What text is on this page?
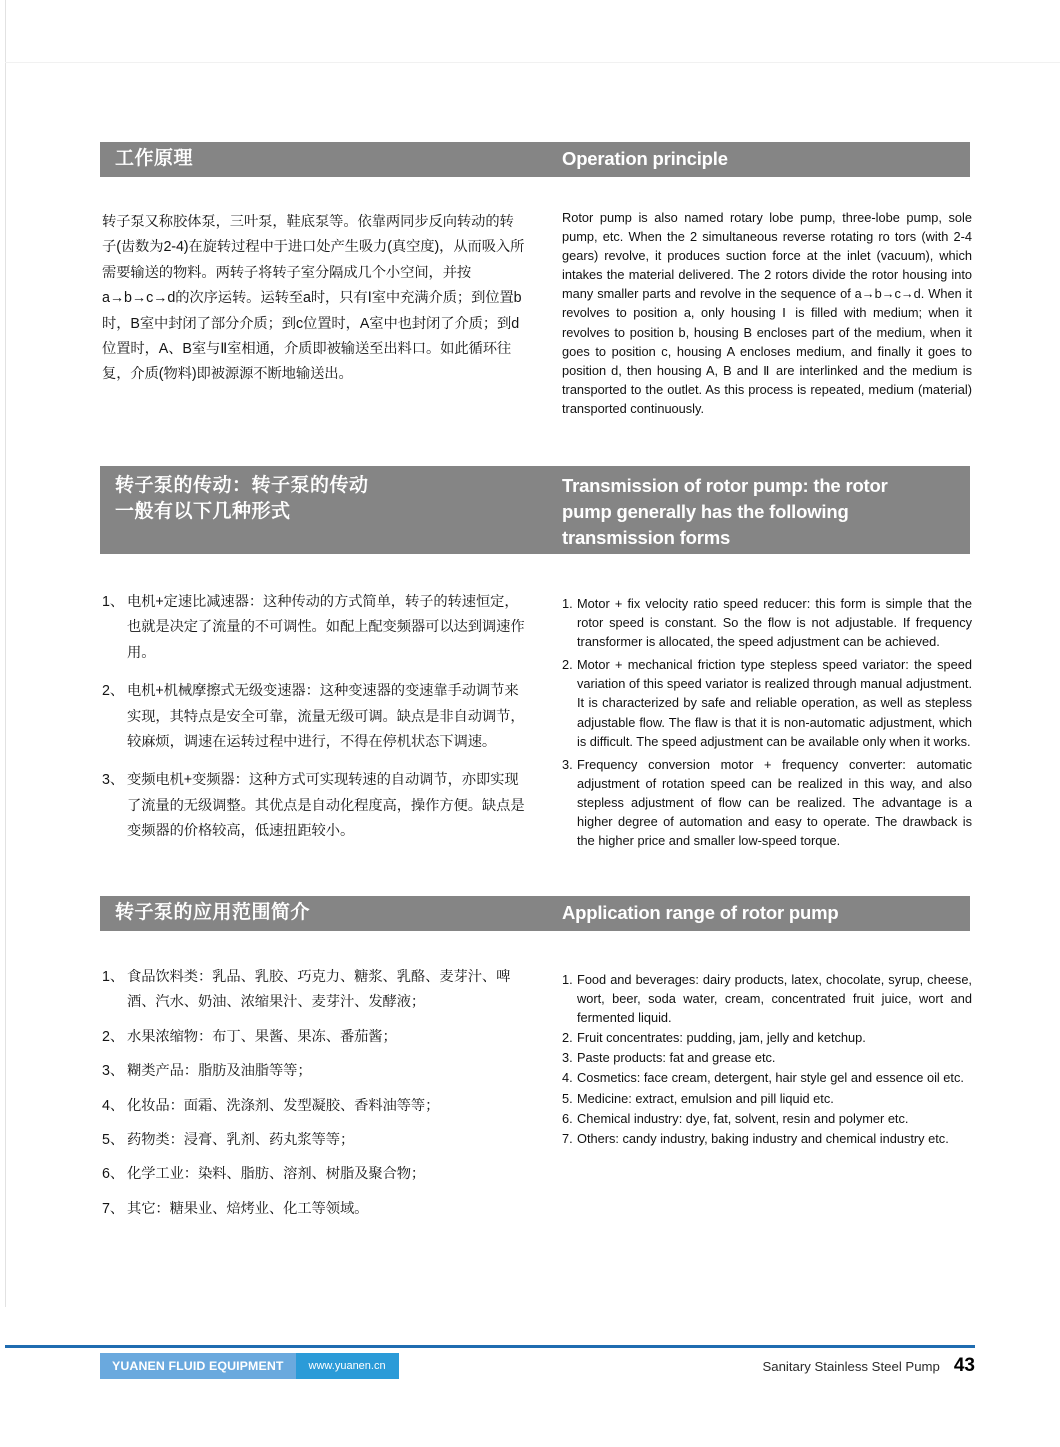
工作原理	Operation principle

转子泵又称胶体泵，三叶泵，鞋底泵等。依靠两同步反向转动的转子(齿数为2-4)在旋转过程中于进口处产生吸力(真空度)，从而吸入所需要输送的物料。两转子将转子室分隔成几个小空间，并按a→b→c→d的次序运转。运转至a时，只有Ⅰ室中充满介质；到位置b时，B室中封闭了部分介质；到c位置时，A室中也封闭了介质；到d位置时，A、B室与Ⅱ室相通，介质即被输送至出料口。如此循环往复，介质(物料)即被源源不断地输送出。

Rotor pump is also named rotary lobe pump, three-lobe pump, sole pump, etc. When the 2 simultaneous reverse rotating ro tors (with 2-4 gears) revolve, it produces suction force at the inlet (vacuum), which intakes the material delivered. The 2 rotors divide the rotor housing into many smaller parts and revolve in the sequence of a→b→c→d. When it revolves to position a, only housing Ⅰ is filled with medium; when it revolves to position b, housing B encloses part of the medium, when it goes to position c, housing A encloses medium, and finally it goes to position d, then housing A, B and Ⅱ are interlinked and the medium is transported to the outlet. As this process is repeated, medium (material) transported continuously.

转子泵的传动：转子泵的传动
一般有以下几种形式
Transmission of rotor pump: the rotor
pump generally has the following
transmission forms
1、 电机+定速比减速器：这种传动的方式简单，转子的转速恒定，也就是决定了流量的不可调性。如配上配变频器可以达到调速作用。
2、 电机+机械摩擦式无级变速器：这种变速器的变速靠手动调节来实现，其特点是安全可靠，流量无级可调。缺点是非自动调节，较麻烦，调速在运转过程中进行，不得在停机状态下调速。
3、 变频电机+变频器：这种方式可实现转速的自动调节，亦即实现了流量的无级调整。其优点是自动化程度高，操作方便。缺点是变频器的价格较高，低速扭距较小。
1. Motor + fix velocity ratio speed reducer: this form is simple that the rotor speed is constant. So the flow is not adjustable. If frequency transformer is allocated, the speed adjustment can be achieved.
2. Motor + mechanical friction type stepless speed variator: the speed variation of this speed variator is realized through manual adjustment. It is characterized by safe and reliable operation, as well as stepless adjustable flow. The flaw is that it is non-automatic adjustment, which is difficult. The speed adjustment can be available only when it works.
3. Frequency conversion motor + frequency converter: automatic adjustment of rotation speed can be realized in this way, and also stepless adjustment of flow can be realized. The advantage is a higher degree of automation and easy to operate. The drawback is the higher price and smaller low-speed torque.
转子泵的应用范围简介	Application range of rotor pump
1、 食品饮料类：乳品、乳胶、巧克力、糖浆、乳酪、麦芽汁、啤酒、汽水、奶油、浓缩果汁、麦芽汁、发酵液；
2、 水果浓缩物：布丁、果酱、果冻、番茄酱；
3、 糊类产品：脂肪及油脂等等；
4、 化妆品：面霜、洗涤剂、发型凝胶、香料油等等；
5、 药物类：浸膏、乳剂、药丸浆等等；
6、 化学工业：染料、脂肪、溶剂、树脂及聚合物；
7、 其它：糖果业、焙烤业、化工等领域。
1. Food and beverages: dairy products, latex, chocolate, syrup, cheese, wort, beer, soda water, cream, concentrated fruit juice, wort and fermented liquid.
2. Fruit concentrates: pudding, jam, jelly and ketchup.
3. Paste products: fat and grease etc.
4. Cosmetics: face cream, detergent, hair style gel and essence oil etc.
5. Medicine: extract, emulsion and pill liquid etc.
6. Chemical industry: dye, fat, solvent, resin and polymer etc.
7. Others: candy industry, baking industry and chemical industry etc.
YUANEN FLUID EQUIPMENT	www.yuanen.cn	Sanitary Stainless Steel Pump 43
